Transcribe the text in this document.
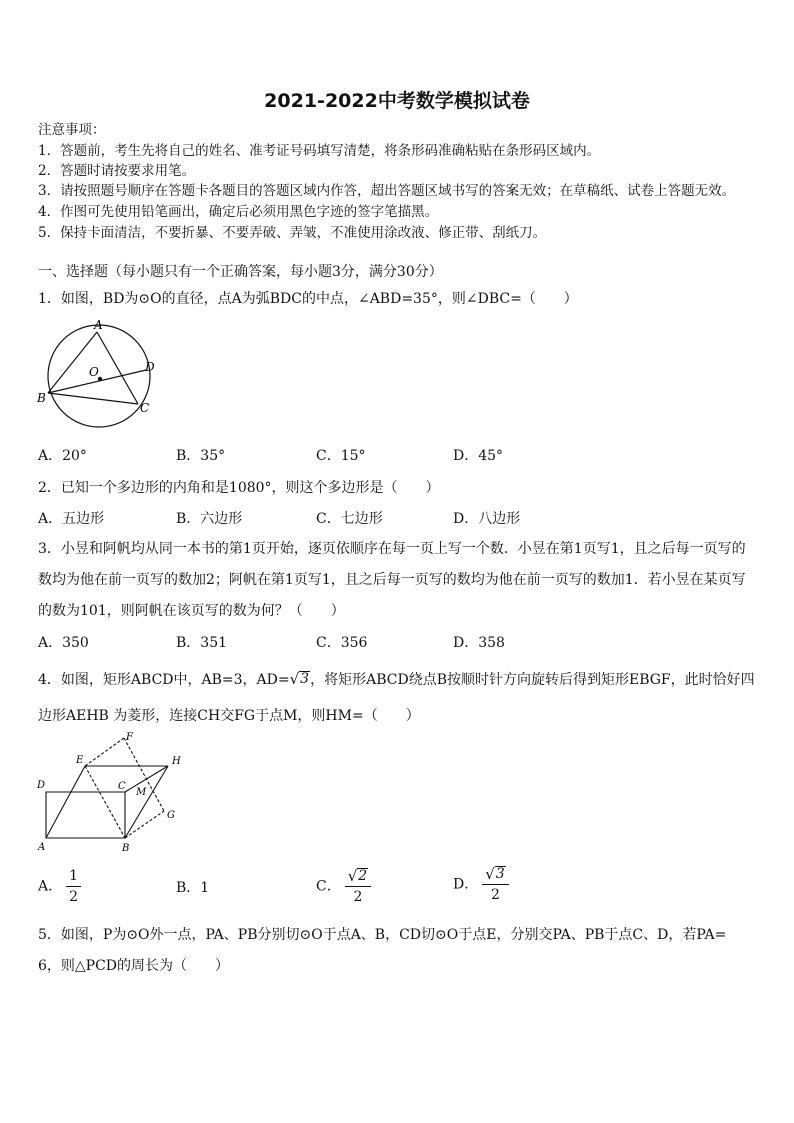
2021-2022中考数学模拟试卷
注意事项：
1．答题前，考生先将自己的姓名、准考证号码填写清楚，将条形码准确粘贴在条形码区域内。
2．答题时请按要求用笔。
3．请按照题号顺序在答题卡各题目的答题区域内作答，超出答题区域书写的答案无效；在草稿纸、试卷上答题无效。
4．作图可先使用铅笔画出，确定后必须用黑色字迹的签字笔描黑。
5．保持卡面清洁，不要折暴、不要弄破、弄皱，不准使用涂改液、修正带、刮纸刀。
一、选择题（每小题只有一个正确答案，每小题3分，满分30分）
1．如图，BD为⊙O的直径，点A为弧BDC的中点，∠ABD=35°，则∠DBC=（　　）
A
O	D
B
C
A．20°	B．35°	C．15°	D．45°
2．已知一个多边形的内角和是1080°，则这个多边形是（　　）
A．五边形	B．六边形	C．七边形	D．八边形
3．小昱和阿帆均从同一本书的第1页开始，逐页依顺序在每一页上写一个数．小昱在第1页写1，且之后每一页写的
数均为他在前一页写的数加2；阿帆在第1页写1，且之后每一页写的数均为他在前一页写的数加1．若小昱在某页写
的数为101，则阿帆在该页写的数为何？（　　）
A．350	B．351	C．356	D．358
4．如图，矩形ABCD中，AB=3，AD= √ 3 ，将矩形ABCD绕点B按顺时针方向旋转后得到矩形EBGF，此时恰好四
边形AEHB 为菱形，连接CH交FG于点M，则HM=（　　）
F
E	H
D	C
M
G
A	B
A． $\frac{1}{2}$	B．1	C． $\frac{√ 2}{2}$	D． $\frac{√ 3}{2}$
5．如图，P为⊙O外一点，PA、PB分别切⊙O于点A、B，CD切⊙O于点E，分别交PA、PB于点C、D，若PA=
6，则△PCD的周长为（　　）
